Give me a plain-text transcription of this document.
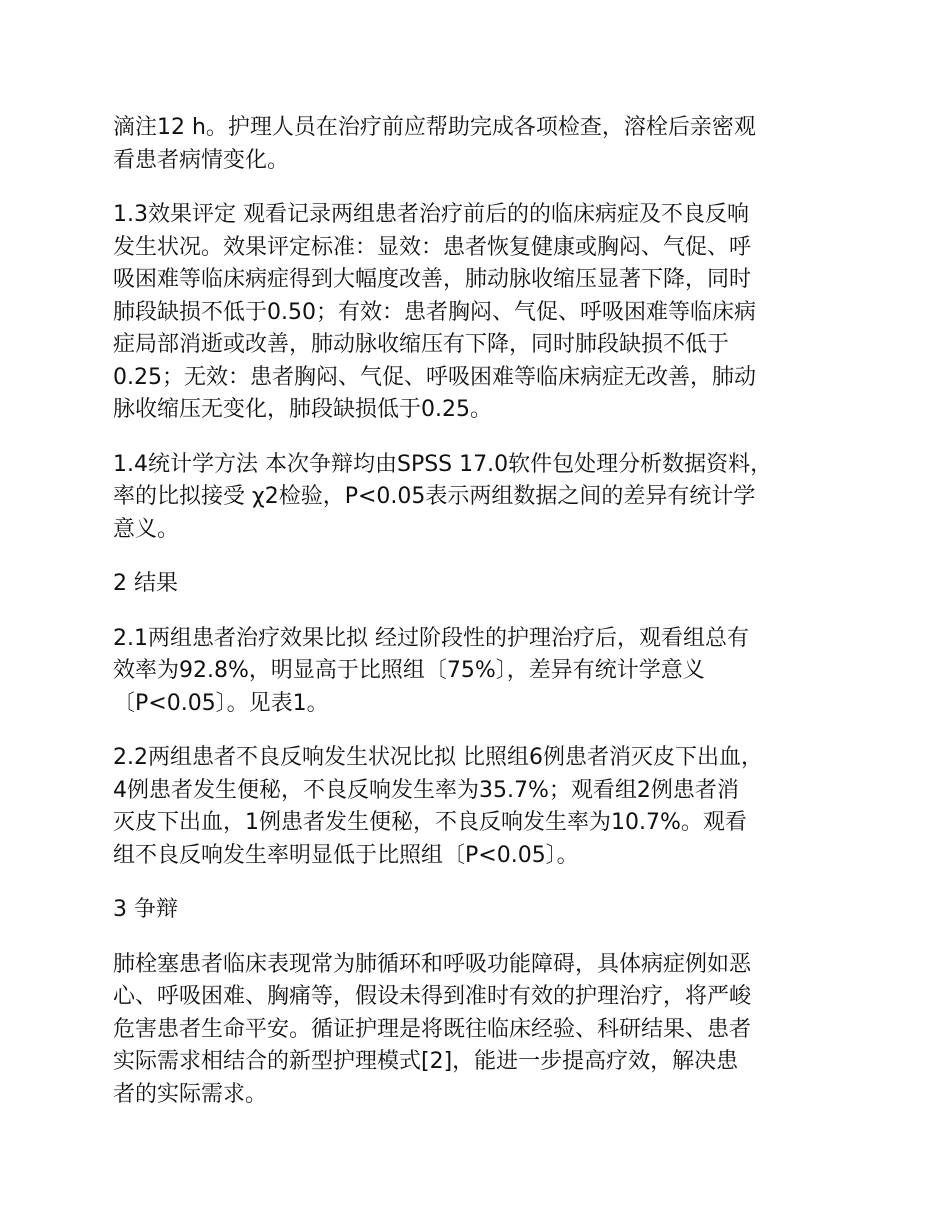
滴注12 h。护理人员在治疗前应帮助完成各项检查，溶栓后亲密观
看患者病情变化。

1.3效果评定 观看记录两组患者治疗前后的的临床病症及不良反响
发生状况。效果评定标准：显效：患者恢复健康或胸闷、气促、呼
吸困难等临床病症得到大幅度改善，肺动脉收缩压显著下降，同时
肺段缺损不低于0.50；有效：患者胸闷、气促、呼吸困难等临床病
症局部消逝或改善，肺动脉收缩压有下降，同时肺段缺损不低于
0.25；无效：患者胸闷、气促、呼吸困难等临床病症无改善，肺动
脉收缩压无变化，肺段缺损低于0.25。

1.4统计学方法 本次争辩均由SPSS 17.0软件包处理分析数据资料，
率的比拟接受 χ2检验，P<0.05表示两组数据之间的差异有统计学
意义。

2 结果

2.1两组患者治疗效果比拟 经过阶段性的护理治疗后，观看组总有
效率为92.8%，明显高于比照组〔75%〕，差异有统计学意义
〔P<0.05〕。见表1。

2.2两组患者不良反响发生状况比拟 比照组6例患者消灭皮下出血，
4例患者发生便秘，不良反响发生率为35.7%；观看组2例患者消
灭皮下出血，1例患者发生便秘，不良反响发生率为10.7%。观看
组不良反响发生率明显低于比照组〔P<0.05〕。

3 争辩

肺栓塞患者临床表现常为肺循环和呼吸功能障碍，具体病症例如恶
心、呼吸困难、胸痛等，假设未得到准时有效的护理治疗，将严峻
危害患者生命平安。循证护理是将既往临床经验、科研结果、患者
实际需求相结合的新型护理模式[2]，能进一步提高疗效，解决患
者的实际需求。
